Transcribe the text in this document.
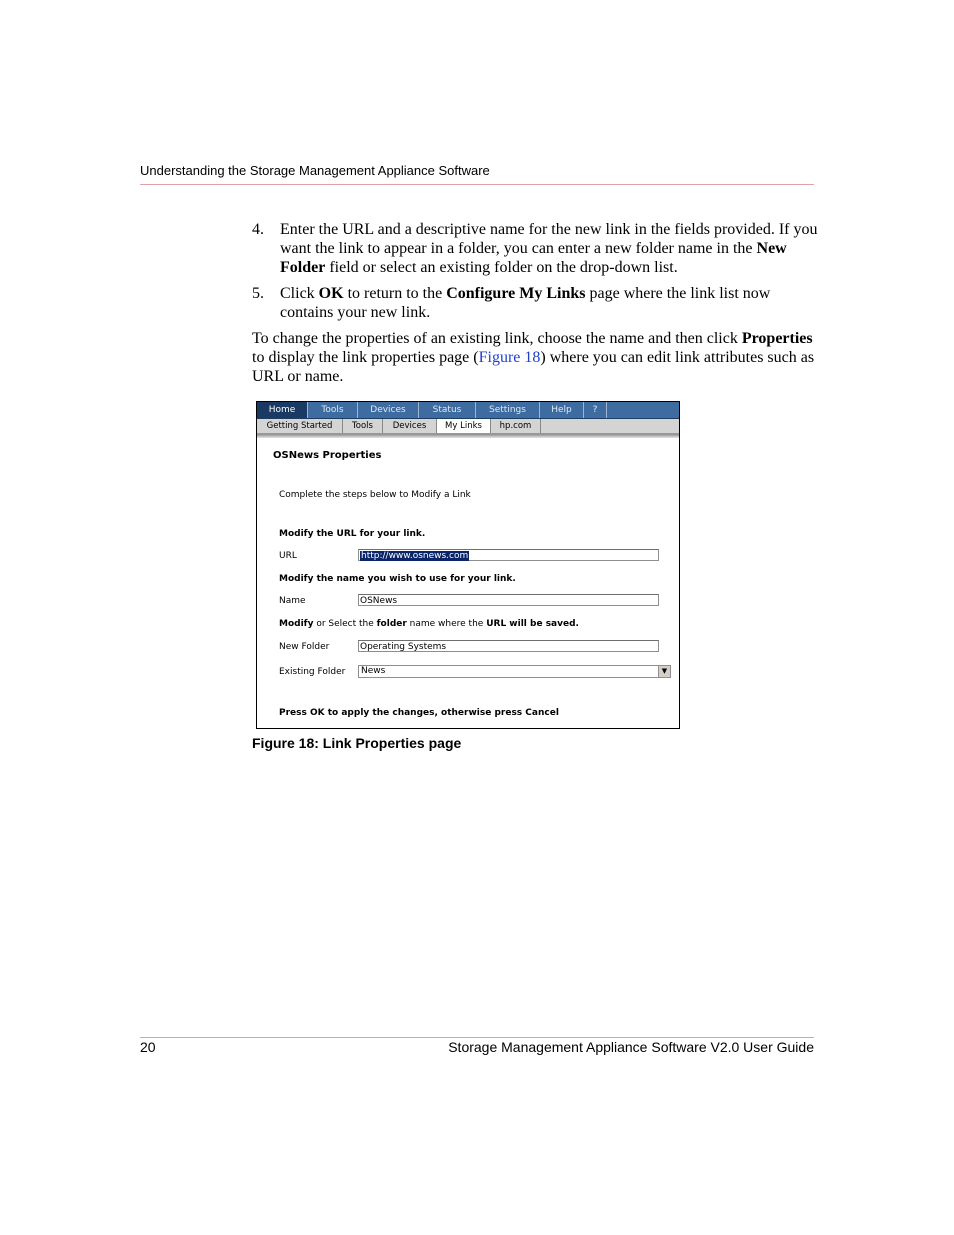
Understanding the Storage Management Appliance Software
4. Enter the URL and a descriptive name for the new link in the fields provided. If you want the link to appear in a folder, you can enter a new folder name in the New Folder field or select an existing folder on the drop-down list.
5. Click OK to return to the Configure My Links page where the link list now contains your new link.
To change the properties of an existing link, choose the name and then click Properties to display the link properties page (Figure 18) where you can edit link attributes such as URL or name.
Home	Tools	Devices	Status	Settings	Help	?
Getting Started	Tools	Devices	My Links	hp.com
OSNews Properties
Complete the steps below to Modify a Link
Modify the URL for your link.
URL	http://www.osnews.com
Modify the name you wish to use for your link.
Name	OSNews
Modify or Select the folder name where the URL will be saved.
New Folder	Operating Systems
Existing Folder	News	▼
Press OK to apply the changes, otherwise press Cancel
Figure 18: Link Properties page
20	Storage Management Appliance Software V2.0 User Guide
